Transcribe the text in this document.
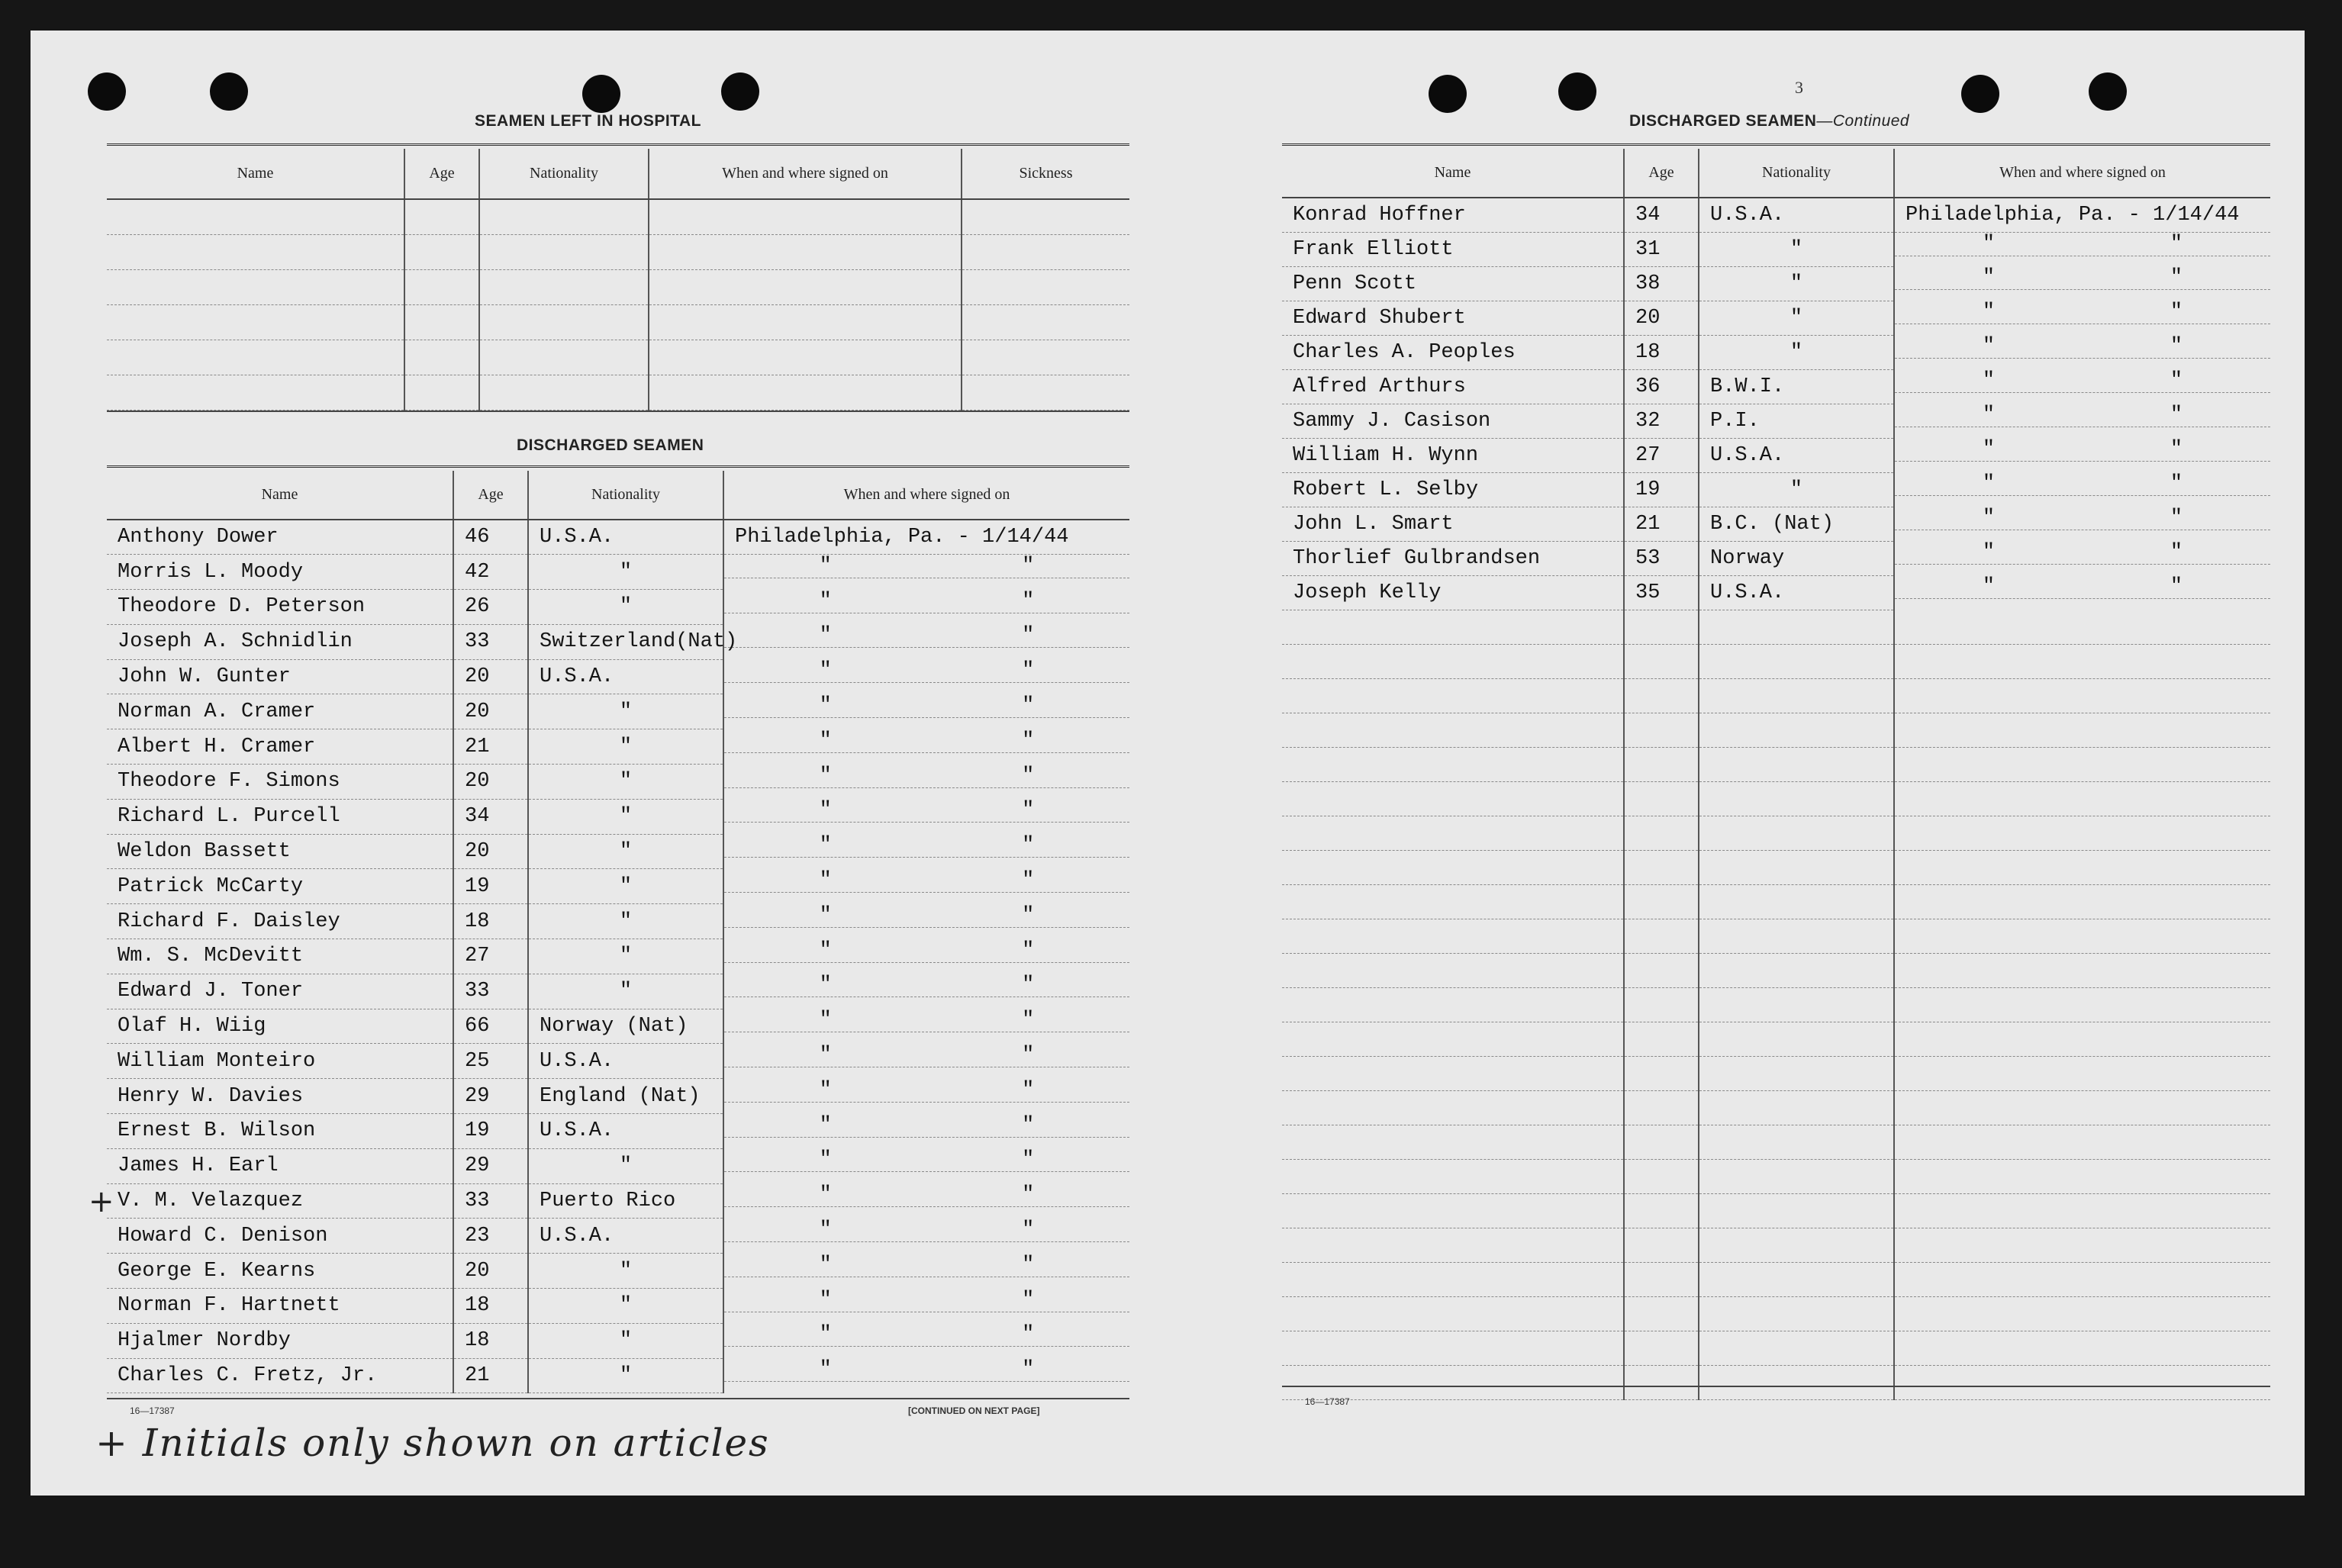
SEAMEN LEFT IN HOSPITAL
Name	Age	Nationality	When and where signed on	Sickness

DISCHARGED SEAMEN
Name	Age	Nationality	When and where signed on
Anthony Dower	46	U.S.A.	Philadelphia, Pa. - 1/14/44
Morris L. Moody	42	"		"	"

Theodore D. Peterson	26	"		"	"

Joseph A. Schnidlin	33	Switzerland(Nat)		"	"

John W. Gunter	20	U.S.A.		"	"

Norman A. Cramer	20	"		"	"

Albert H. Cramer	21	"		"	"

Theodore F. Simons	20	"		"	"

Richard L. Purcell	34	"		"	"

Weldon Bassett	20	"		"	"

Patrick McCarty	19	"		"	"

Richard F. Daisley	18	"		"	"

Wm. S. McDevitt	27	"		"	"

Edward J. Toner	33	"		"	"

Olaf H. Wiig	66	Norway (Nat)		"	"

William Monteiro	25	U.S.A.		"	"

Henry W. Davies	29	England (Nat)		"	"

Ernest B. Wilson	19	U.S.A.		"	"

James H. Earl	29	"		"	"

V. M. Velazquez	33	Puerto Rico		"	"

Howard C. Denison	23	U.S.A.		"	"

George E. Kearns	20	"		"	"

Norman F. Hartnett	18	"		"	"

Hjalmer Nordby	18	"		"	"

Charles C. Fretz, Jr.	21	"		"	"
+
16—17387	[CONTINUED ON NEXT PAGE]
+ Initials only shown on articles
3
DISCHARGED SEAMEN—Continued
Name	Age	Nationality	When and where signed on
Konrad Hoffner	34	U.S.A.	Philadelphia, Pa. - 1/14/44
Frank Elliott	31	"		"	"

Penn Scott	38	"		"	"

Edward Shubert	20	"		"	"

Charles A. Peoples	18	"		"	"

Alfred Arthurs	36	B.W.I.		"	"

Sammy J. Casison	32	P.I.		"	"

William H. Wynn	27	U.S.A.		"	"

Robert L. Selby	19	"		"	"

John L. Smart	21	B.C. (Nat)		"	"

Thorlief Gulbrandsen	53	Norway		"	"

Joseph Kelly	35	U.S.A.		"	"

16—17387
